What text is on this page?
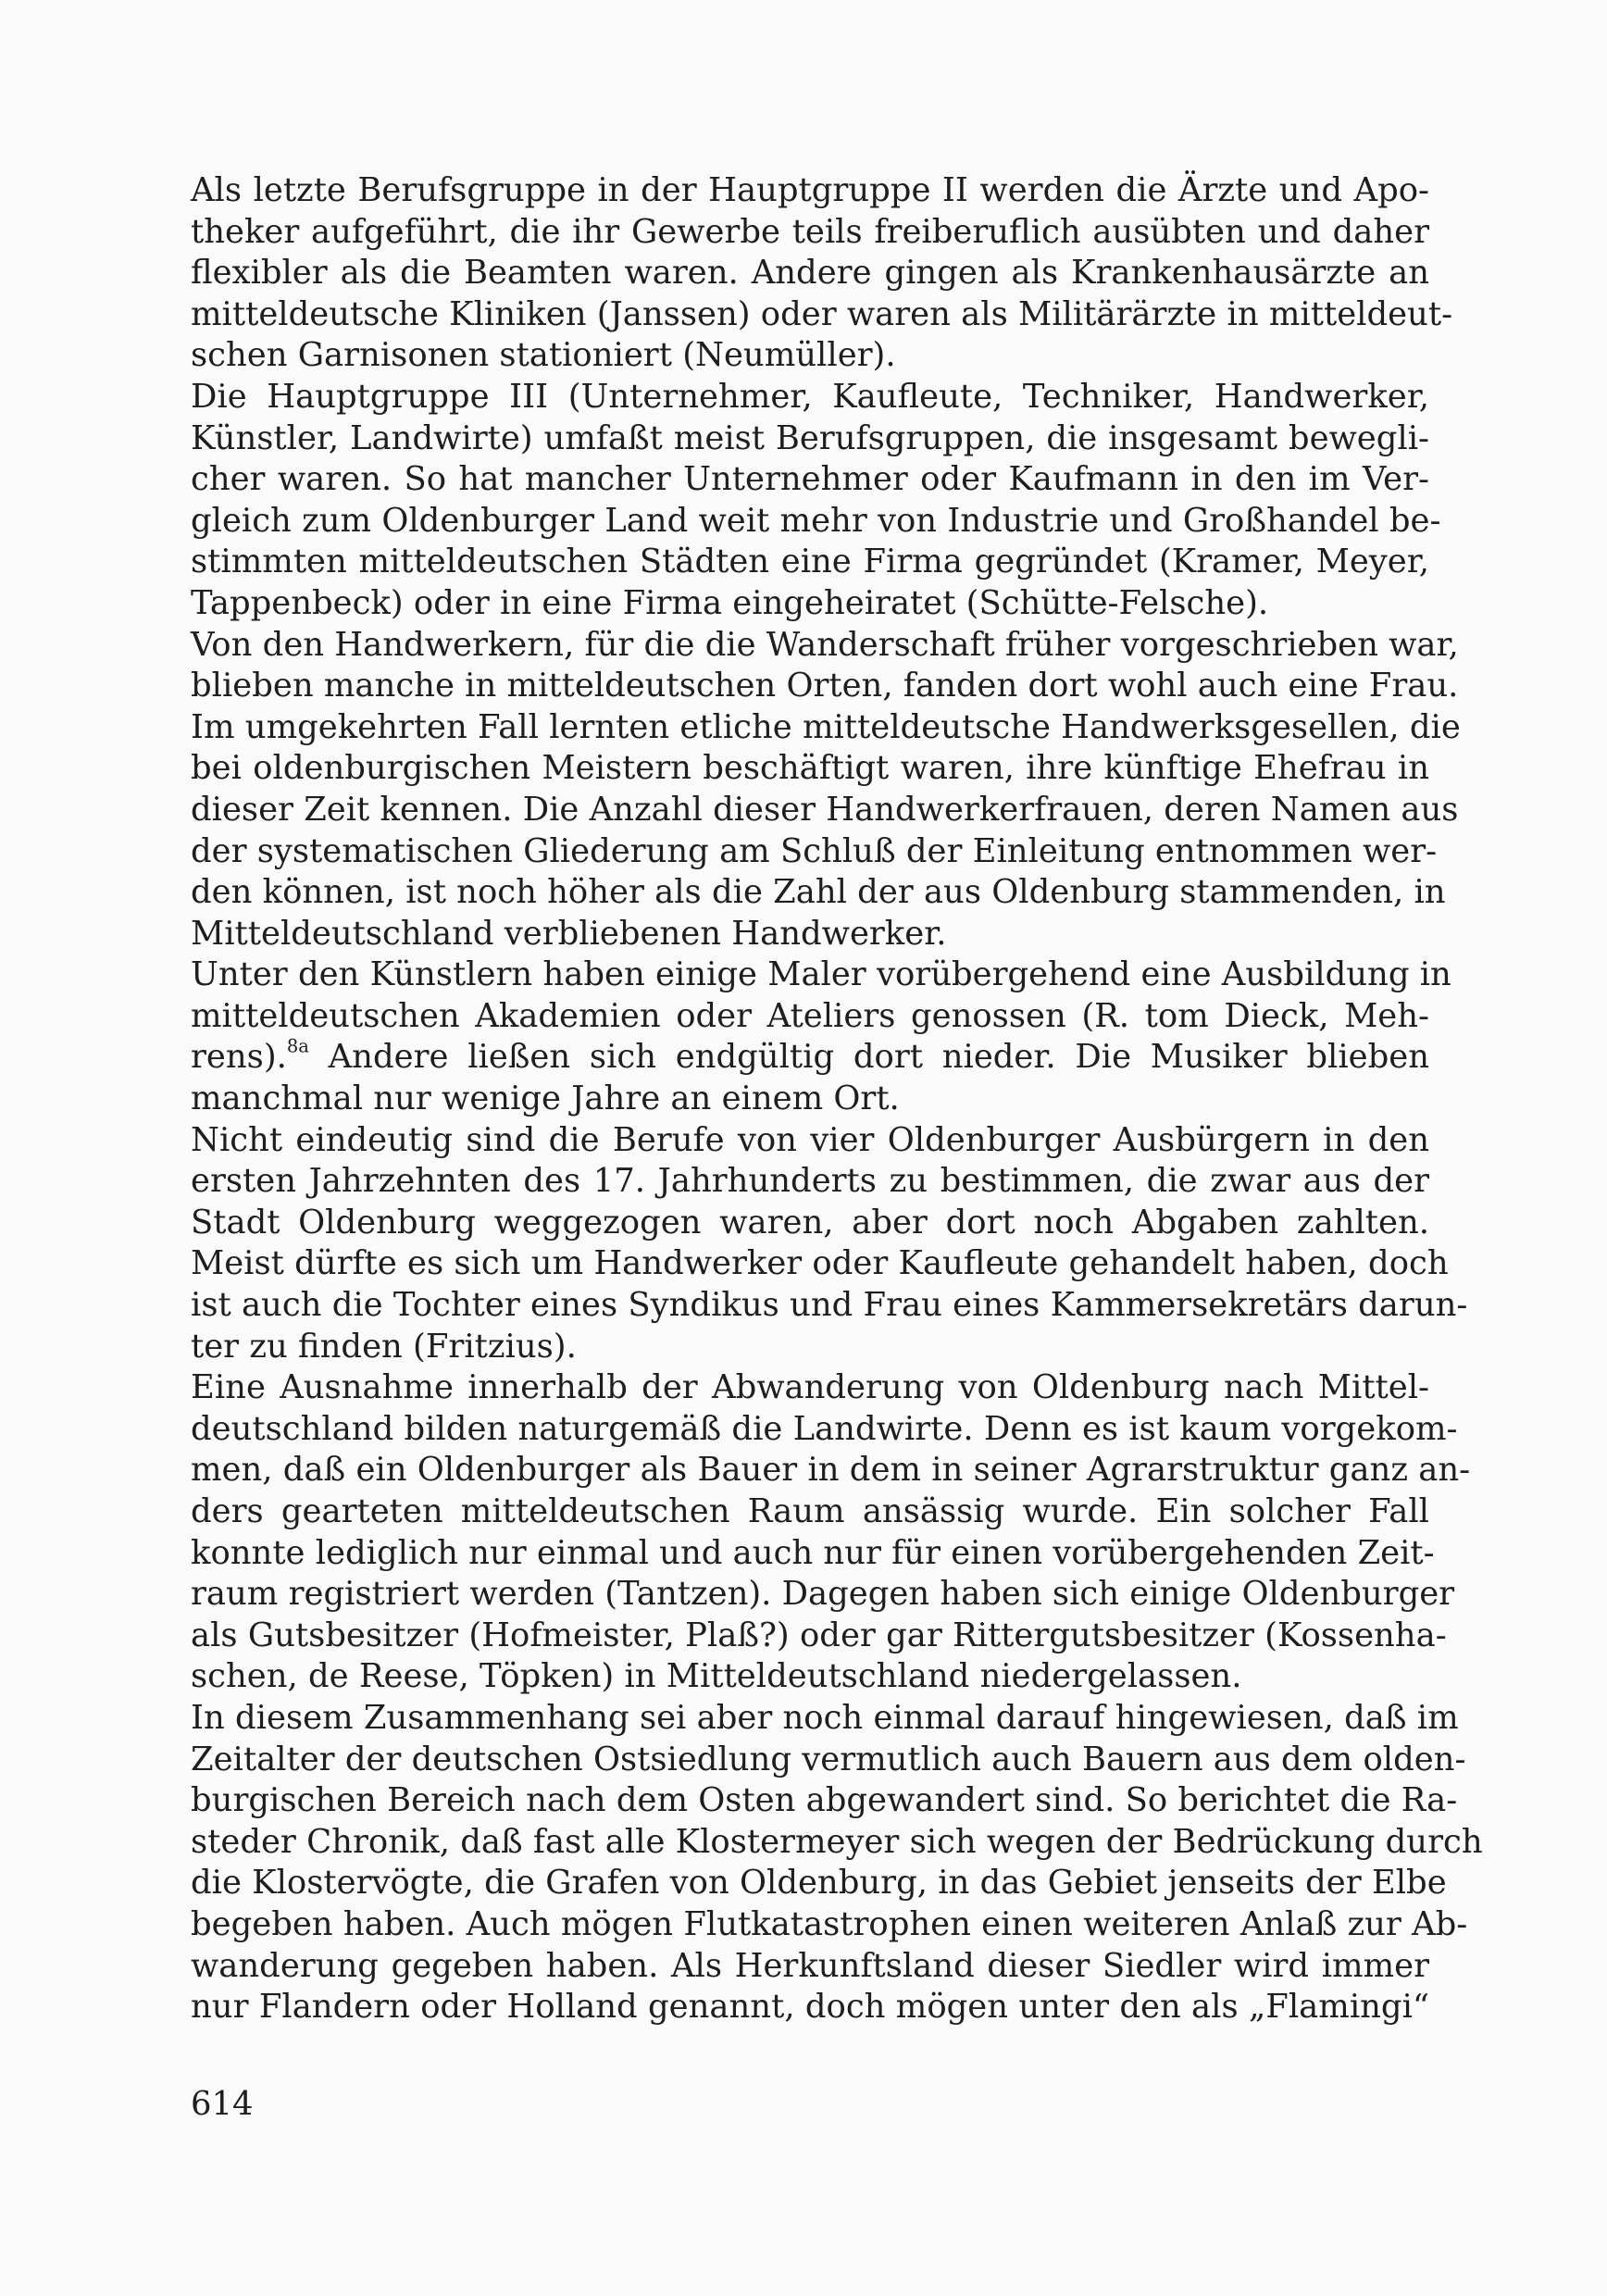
Als letzte Berufsgruppe in der Hauptgruppe II werden die Ärzte und Apo-
theker aufgeführt, die ihr Gewerbe teils freiberuflich ausübten und daher
flexibler als die Beamten waren. Andere gingen als Krankenhausärzte an
mitteldeutsche Kliniken (Janssen) oder waren als Militärärzte in mitteldeut-
schen Garnisonen stationiert (Neumüller).

Die Hauptgruppe III (Unternehmer, Kaufleute, Techniker, Handwerker,
Künstler, Landwirte) umfaßt meist Berufsgruppen, die insgesamt bewegli-
cher waren. So hat mancher Unternehmer oder Kaufmann in den im Ver-
gleich zum Oldenburger Land weit mehr von Industrie und Großhandel be-
stimmten mitteldeutschen Städten eine Firma gegründet (Kramer, Meyer,
Tappenbeck) oder in eine Firma eingeheiratet (Schütte-Felsche).

Von den Handwerkern, für die die Wanderschaft früher vorgeschrieben war,
blieben manche in mitteldeutschen Orten, fanden dort wohl auch eine Frau.
Im umgekehrten Fall lernten etliche mitteldeutsche Handwerksgesellen, die
bei oldenburgischen Meistern beschäftigt waren, ihre künftige Ehefrau in
dieser Zeit kennen. Die Anzahl dieser Handwerkerfrauen, deren Namen aus
der systematischen Gliederung am Schluß der Einleitung entnommen wer-
den können, ist noch höher als die Zahl der aus Oldenburg stammenden, in
Mitteldeutschland verbliebenen Handwerker.

Unter den Künstlern haben einige Maler vorübergehend eine Ausbildung in
mitteldeutschen Akademien oder Ateliers genossen (R. tom Dieck, Meh-
rens).$^{8a}$ Andere ließen sich endgültig dort nieder. Die Musiker blieben
manchmal nur wenige Jahre an einem Ort.

Nicht eindeutig sind die Berufe von vier Oldenburger Ausbürgern in den
ersten Jahrzehnten des 17. Jahrhunderts zu bestimmen, die zwar aus der
Stadt Oldenburg weggezogen waren, aber dort noch Abgaben zahlten.
Meist dürfte es sich um Handwerker oder Kaufleute gehandelt haben, doch
ist auch die Tochter eines Syndikus und Frau eines Kammersekretärs darun-
ter zu finden (Fritzius).

Eine Ausnahme innerhalb der Abwanderung von Oldenburg nach Mittel-
deutschland bilden naturgemäß die Landwirte. Denn es ist kaum vorgekom-
men, daß ein Oldenburger als Bauer in dem in seiner Agrarstruktur ganz an-
ders gearteten mitteldeutschen Raum ansässig wurde. Ein solcher Fall
konnte lediglich nur einmal und auch nur für einen vorübergehenden Zeit-
raum registriert werden (Tantzen). Dagegen haben sich einige Oldenburger
als Gutsbesitzer (Hofmeister, Plaß?) oder gar Rittergutsbesitzer (Kossenha-
schen, de Reese, Töpken) in Mitteldeutschland niedergelassen.

In diesem Zusammenhang sei aber noch einmal darauf hingewiesen, daß im
Zeitalter der deutschen Ostsiedlung vermutlich auch Bauern aus dem olden-
burgischen Bereich nach dem Osten abgewandert sind. So berichtet die Ra-
steder Chronik, daß fast alle Klostermeyer sich wegen der Bedrückung durch
die Klostervögte, die Grafen von Oldenburg, in das Gebiet jenseits der Elbe
begeben haben. Auch mögen Flutkatastrophen einen weiteren Anlaß zur Ab-
wanderung gegeben haben. Als Herkunftsland dieser Siedler wird immer
nur Flandern oder Holland genannt, doch mögen unter den als „Flamingi“

614
